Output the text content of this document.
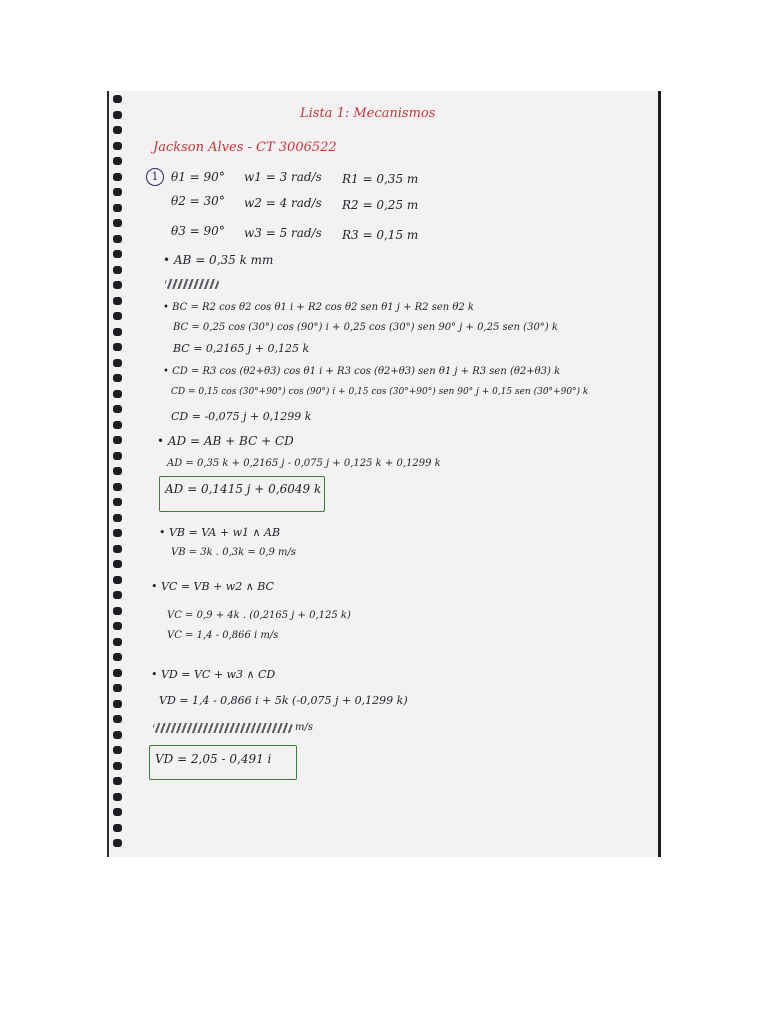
Lista 1: Mecanismos
Jackson Alves - CT 3006522
1	θ1 = 90° w1 = 3 rad/s R1 = 0,35 m
θ2 = 30° w2 = 4 rad/s R2 = 0,25 m
θ3 = 90° w3 = 5 rad/s R3 = 0,15 m
• AB = 0,35 k mm
• BC = R2 cos θ2 cos θ1 i + R2 cos θ2 sen θ1 j + R2 sen θ2 k
BC = 0,25 cos (30°) cos (90°) i + 0,25 cos (30°) sen 90° j + 0,25 sen (30°) k
BC = 0,2165 j + 0,125 k
• CD = R3 cos (θ2+θ3) cos θ1 i + R3 cos (θ2+θ3) sen θ1 j + R3 sen (θ2+θ3) k
CD = 0,15 cos (30°+90°) cos (90°) i + 0,15 cos (30°+90°) sen 90° j + 0,15 sen (30°+90°) k
CD = -0,075 j + 0,1299 k
• AD = AB + BC + CD
AD = 0,35 k + 0,2165 j - 0,075 j + 0,125 k + 0,1299 k
AD = 0,1415 j + 0,6049 k
• VB = VA + w1 ∧ AB
VB = 3k . 0,3k = 0,9 m/s
• VC = VB + w2 ∧ BC
VC = 0,9 + 4k . (0,2165 j + 0,125 k)
VC = 1,4 - 0,866 i m/s
• VD = VC + w3 ∧ CD
VD = 1,4 - 0,866 i + 5k (-0,075 j + 0,1299 k)
m/s
VD = 2,05 - 0,491 i
